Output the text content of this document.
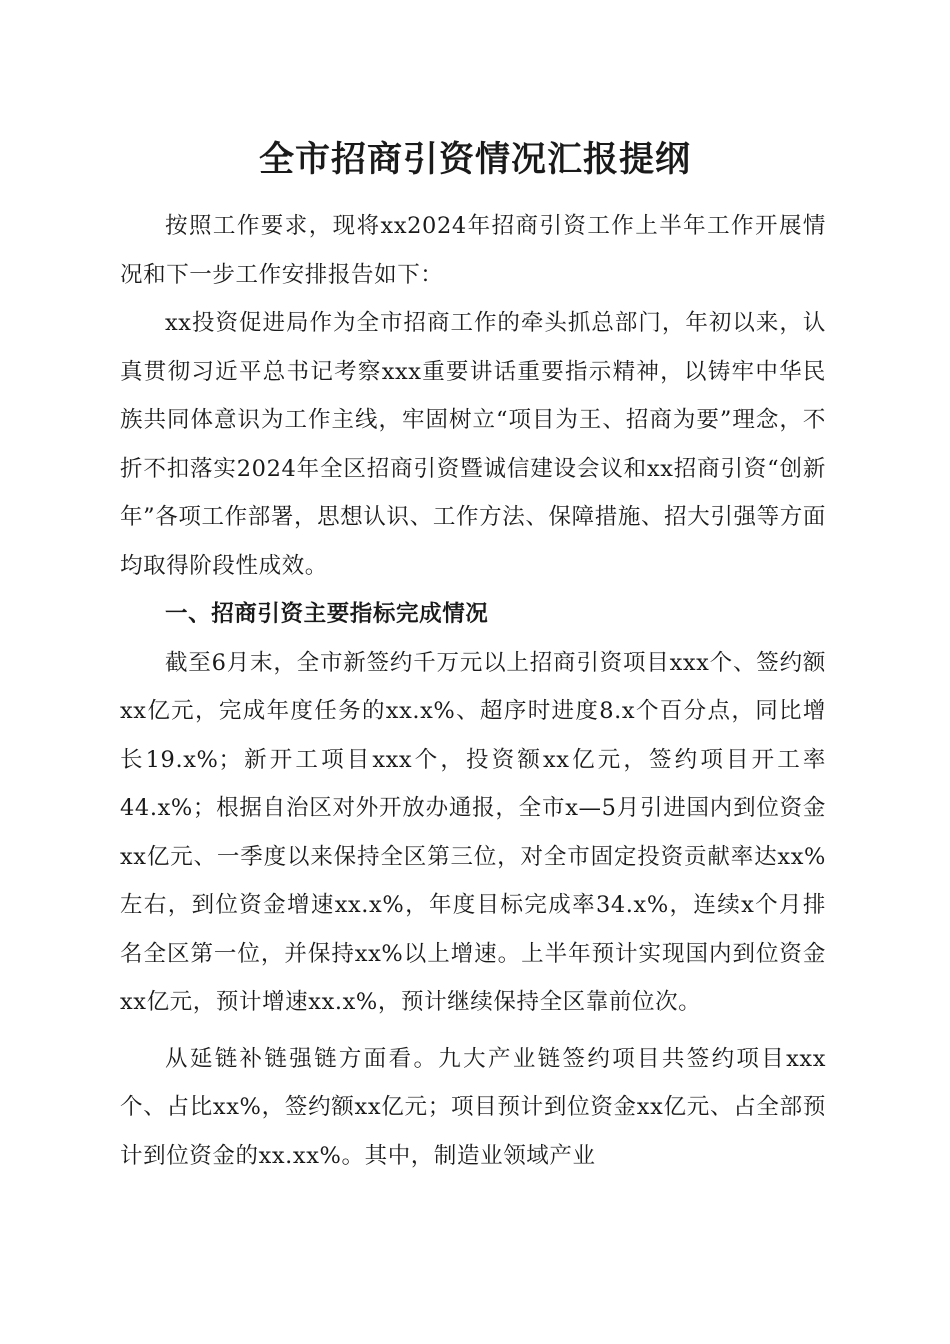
全市招商引资情况汇报提纲

按照工作要求，现将xx2024年招商引资工作上半年工作开展情况和下一步工作安排报告如下：

xx投资促进局作为全市招商工作的牵头抓总部门，年初以来，认真贯彻习近平总书记考察xxx重要讲话重要指示精神，以铸牢中华民族共同体意识为工作主线，牢固树立“项目为王、招商为要”理念，不折不扣落实2024年全区招商引资暨诚信建设会议和xx招商引资“创新年”各项工作部署，思想认识、工作方法、保障措施、招大引强等方面均取得阶段性成效。

一、招商引资主要指标完成情况

截至6月末，全市新签约千万元以上招商引资项目xxx个、签约额xx亿元，完成年度任务的xx.x%、超序时进度8.x个百分点，同比增长19.x%；新开工项目xxx个，投资额xx亿元，签约项目开工率44.x%；根据自治区对外开放办通报，全市x—5月引进国内到位资金xx亿元、一季度以来保持全区第三位，对全市固定投资贡献率达xx%左右，到位资金增速xx.x%，年度目标完成率34.x%，连续x个月排名全区第一位，并保持xx%以上增速。上半年预计实现国内到位资金xx亿元，预计增速xx.x%，预计继续保持全区靠前位次。

从延链补链强链方面看。九大产业链签约项目共签约项目xxx个、占比xx%，签约额xx亿元；项目预计到位资金xx亿元、占全部预计到位资金的xx.xx%。其中，制造业领域产业
